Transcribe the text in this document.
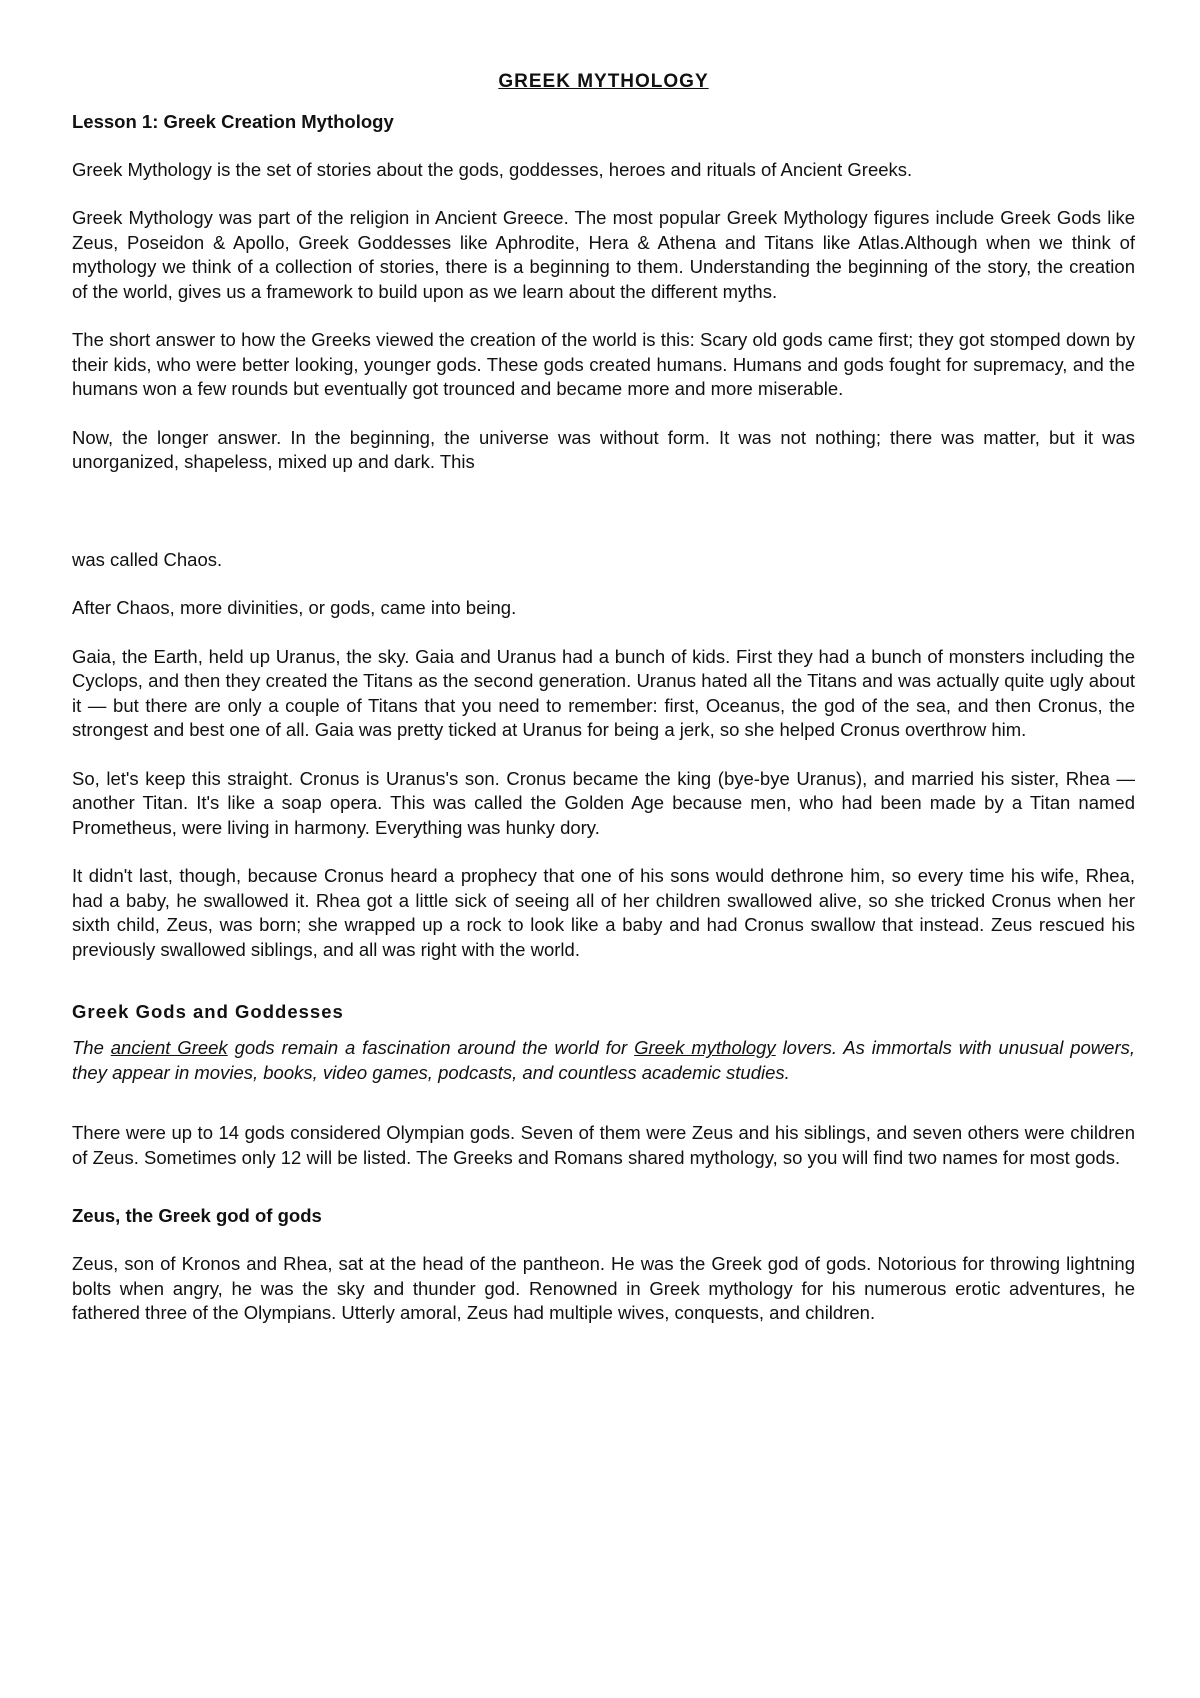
GREEK MYTHOLOGY
Lesson 1: Greek Creation Mythology

Greek Mythology is the set of stories about the gods, goddesses, heroes and rituals of Ancient Greeks.

Greek Mythology was part of the religion in Ancient Greece. The most popular Greek Mythology figures include Greek Gods like Zeus, Poseidon & Apollo, Greek Goddesses like Aphrodite, Hera & Athena and Titans like Atlas.Although when we think of mythology we think of a collection of stories, there is a beginning to them. Understanding the beginning of the story, the creation of the world, gives us a framework to build upon as we learn about the different myths.

The short answer to how the Greeks viewed the creation of the world is this: Scary old gods came first; they got stomped down by their kids, who were better looking, younger gods. These gods created humans. Humans and gods fought for supremacy, and the humans won a few rounds but eventually got trounced and became more and more miserable.

Now, the longer answer. In the beginning, the universe was without form. It was not nothing; there was matter, but it was unorganized, shapeless, mixed up and dark. This

was called Chaos.

After Chaos, more divinities, or gods, came into being.

Gaia, the Earth, held up Uranus, the sky. Gaia and Uranus had a bunch of kids. First they had a bunch of monsters including the Cyclops, and then they created the Titans as the second generation. Uranus hated all the Titans and was actually quite ugly about it — but there are only a couple of Titans that you need to remember: first, Oceanus, the god of the sea, and then Cronus, the strongest and best one of all. Gaia was pretty ticked at Uranus for being a jerk, so she helped Cronus overthrow him.

So, let's keep this straight. Cronus is Uranus's son. Cronus became the king (bye-bye Uranus), and married his sister, Rhea — another Titan. It's like a soap opera. This was called the Golden Age because men, who had been made by a Titan named Prometheus, were living in harmony. Everything was hunky dory.

It didn't last, though, because Cronus heard a prophecy that one of his sons would dethrone him, so every time his wife, Rhea, had a baby, he swallowed it. Rhea got a little sick of seeing all of her children swallowed alive, so she tricked Cronus when her sixth child, Zeus, was born; she wrapped up a rock to look like a baby and had Cronus swallow that instead. Zeus rescued his previously swallowed siblings, and all was right with the world.

Greek Gods and Goddesses

The ancient Greek gods remain a fascination around the world for Greek mythology lovers. As immortals with unusual powers, they appear in movies, books, video games, podcasts, and countless academic studies.

There were up to 14 gods considered Olympian gods. Seven of them were Zeus and his siblings, and seven others were children of Zeus. Sometimes only 12 will be listed. The Greeks and Romans shared mythology, so you will find two names for most gods.

Zeus, the Greek god of gods

Zeus, son of Kronos and Rhea, sat at the head of the pantheon. He was the Greek god of gods. Notorious for throwing lightning bolts when angry, he was the sky and thunder god. Renowned in Greek mythology for his numerous erotic adventures, he fathered three of the Olympians. Utterly amoral, Zeus had multiple wives, conquests, and children.
